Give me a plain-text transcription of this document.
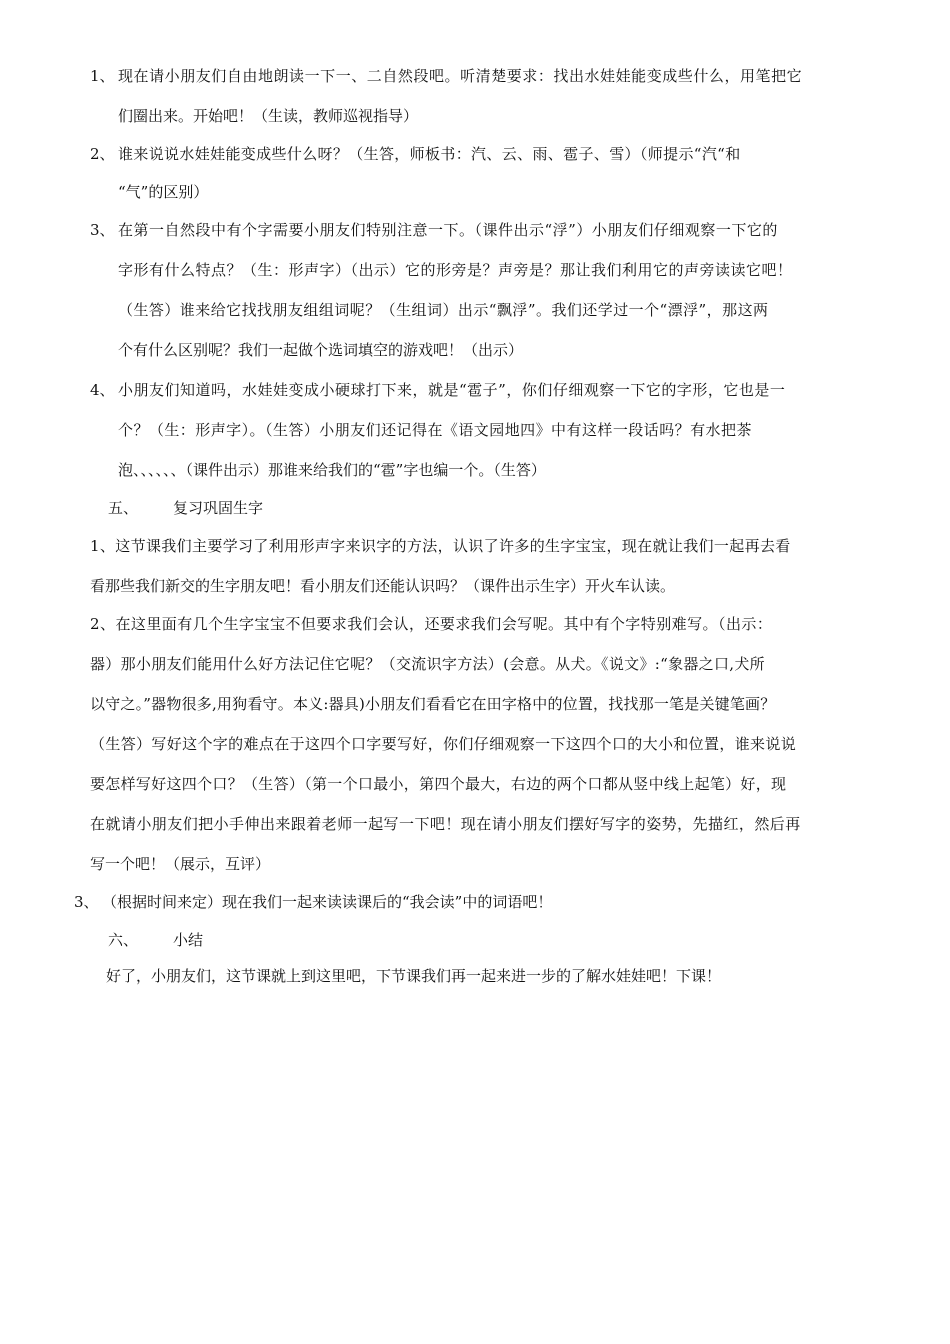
1、 现在请小朋友们自由地朗读一下一、二自然段吧。听清楚要求：找出水娃娃能变成些什么，用笔把它
们圈出来。开始吧！（生读，教师巡视指导）
2、 谁来说说水娃娃能变成些什么呀？（生答，师板书：汽、云、雨、雹子、雪）（师提示“汽“和
“气”的区别）
3、 在第一自然段中有个字需要小朋友们特别注意一下。（课件出示“浮”）小朋友们仔细观察一下它的
字形有什么特点？（生：形声字）（出示）它的形旁是？声旁是？那让我们利用它的声旁读读它吧！
（生答）谁来给它找找朋友组组词呢？（生组词）出示“飘浮”。我们还学过一个“漂浮”，那这两
个有什么区别呢？我们一起做个选词填空的游戏吧！（出示）
4、 小朋友们知道吗，水娃娃变成小硬球打下来，就是“雹子”，你们仔细观察一下它的字形，它也是一
个？（生：形声字）。（生答）小朋友们还记得在《语文园地四》中有这样一段话吗？有水把茶
泡、、、、、、（课件出示）那谁来给我们的“雹”字也编一个。（生答）
五、 复习巩固生字
1、这节课我们主要学习了利用形声字来识字的方法，认识了许多的生字宝宝，现在就让我们一起再去看
看那些我们新交的生字朋友吧！看小朋友们还能认识吗？（课件出示生字）开火车认读。
2、在这里面有几个生字宝宝不但要求我们会认，还要求我们会写呢。其中有个字特别难写。（出示：
器）那小朋友们能用什么好方法记住它呢？（交流识字方法）(会意。从犬。《说文》:“象器之口,犬所
以守之。”器物很多,用狗看守。本义:器具)小朋友们看看它在田字格中的位置，找找那一笔是关键笔画？
（生答）写好这个字的难点在于这四个口字要写好，你们仔细观察一下这四个口的大小和位置，谁来说说
要怎样写好这四个口？（生答）（第一个口最小，第四个最大，右边的两个口都从竖中线上起笔）好，现
在就请小朋友们把小手伸出来跟着老师一起写一下吧！现在请小朋友们摆好写字的姿势，先描红，然后再
写一个吧！（展示，互评）
3、 （根据时间来定）现在我们一起来读读课后的“我会读”中的词语吧！
六、 小结
好了，小朋友们，这节课就上到这里吧，下节课我们再一起来进一步的了解水娃娃吧！下课！
